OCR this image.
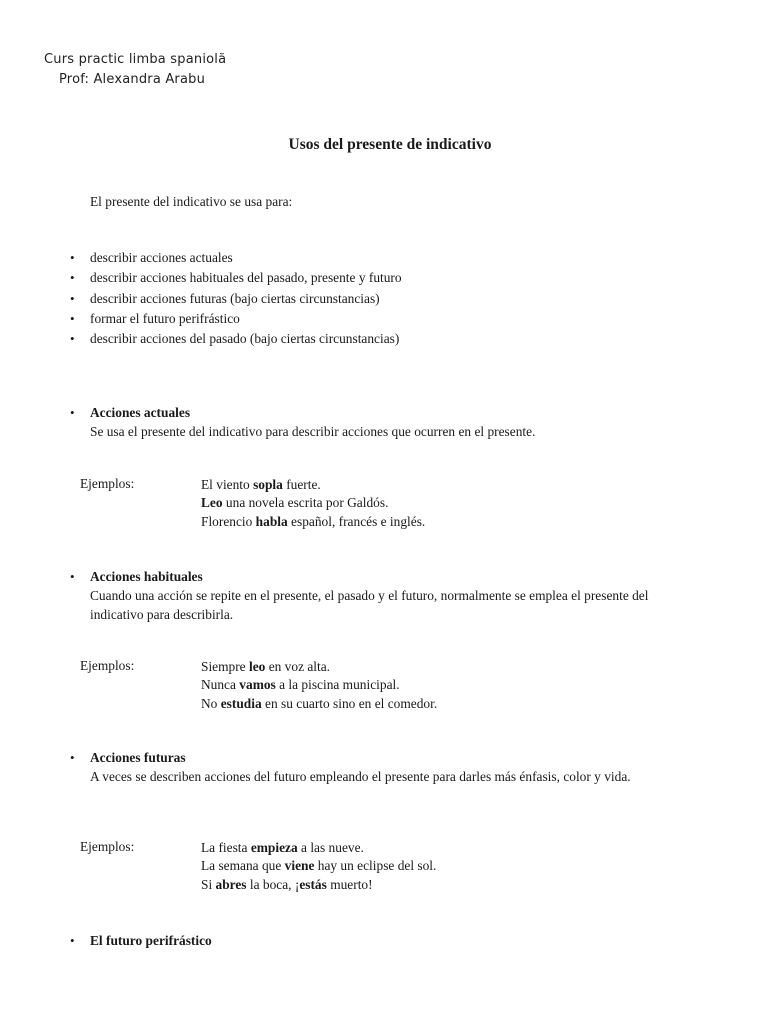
Curs practic limba spaniolă
Prof: Alexandra Arabu
Usos del presente de indicativo
El presente del indicativo se usa para:
• describir acciones actuales
• describir acciones habituales del pasado, presente y futuro
• describir acciones futuras (bajo ciertas circunstancias)
• formar el futuro perifrástico
• describir acciones del pasado (bajo ciertas circunstancias)
• Acciones actuales
Se usa el presente del indicativo para describir acciones que ocurren en el presente.
Ejemplos:	El viento sopla fuerte.
Leo una novela escrita por Galdós.
Florencio habla español, francés e inglés.
• Acciones habituales
Cuando una acción se repite en el presente, el pasado y el futuro, normalmente se emplea el presente del indicativo para describirla.
Ejemplos:	Siempre leo en voz alta.
Nunca vamos a la piscina municipal.
No estudia en su cuarto sino en el comedor.
• Acciones futuras
A veces se describen acciones del futuro empleando el presente para darles más énfasis, color y vida.
Ejemplos:	La fiesta empieza a las nueve.
La semana que viene hay un eclipse del sol.
Si abres la boca, ¡estás muerto!
• El futuro perifrástico
